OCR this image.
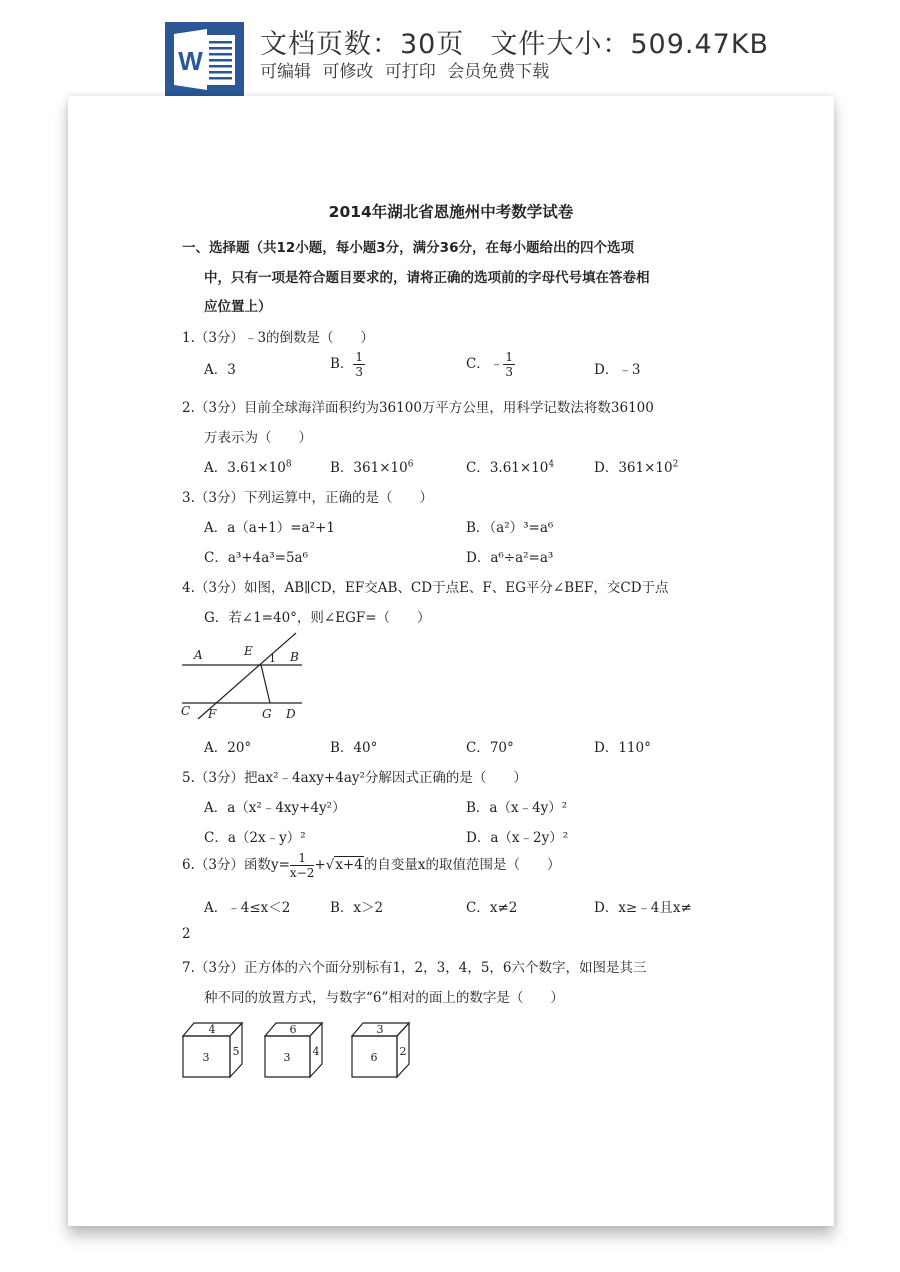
W
文档页数：30页 文件大小：509.47KB
可编辑 可修改 可打印 会员免费下载
2014年湖北省恩施州中考数学试卷
一、选择题（共12小题，每小题3分，满分36分，在每小题给出的四个选项
中，只有一项是符合题目要求的，请将正确的选项前的字母代号填在答卷相
应位置上）
1.（3分）﹣3的倒数是（　　）
A．3	B． $\frac{1}{3}$	C．﹣ $\frac{1}{3}$	D．﹣3
2.（3分）目前全球海洋面积约为36100万平方公里，用科学记数法将数36100
万表示为（　　）
A．$3.61\times 10^8$	B．$361\times 10^6$	C．$3.61\times 10^4$	D．$361\times 10^2$
3.（3分）下列运算中，正确的是（　　）
A．a（a+1）=a²+1	B．（a²）³=a⁶
C．a³+4a³=5a⁶	D．a⁶÷a²=a³
4.（3分）如图，AB∥CD，EF交AB、CD于点E、F、EG平分∠BEF，交CD于点
G．若∠1=40°，则∠EGF=（　　）
A	E
1 B
C F	G D
A．20°	B．40°	C．70°	D．110°
5.（3分）把ax²﹣4axy+4ay²分解因式正确的是（　　）
A．a（x²﹣4xy+4y²）	B．a（x﹣4y）²
C．a（2x﹣y）²	D．a（x﹣2y）²
6.（3分）函数$y= \frac{1}{x-2} +√x+4$的自变量x的取值范围是（　　）
A．﹣4≤x＜2	B．x＞2	C．x≠2	D．x≥﹣4且x≠
2
7.（3分）正方体的六个面分别标有1，2，3，4，5，6六个数字，如图是其三
种不同的放置方式，与数字“6”相对的面上的数字是（　　）
4
3 5
6
3 4
3
6 2
